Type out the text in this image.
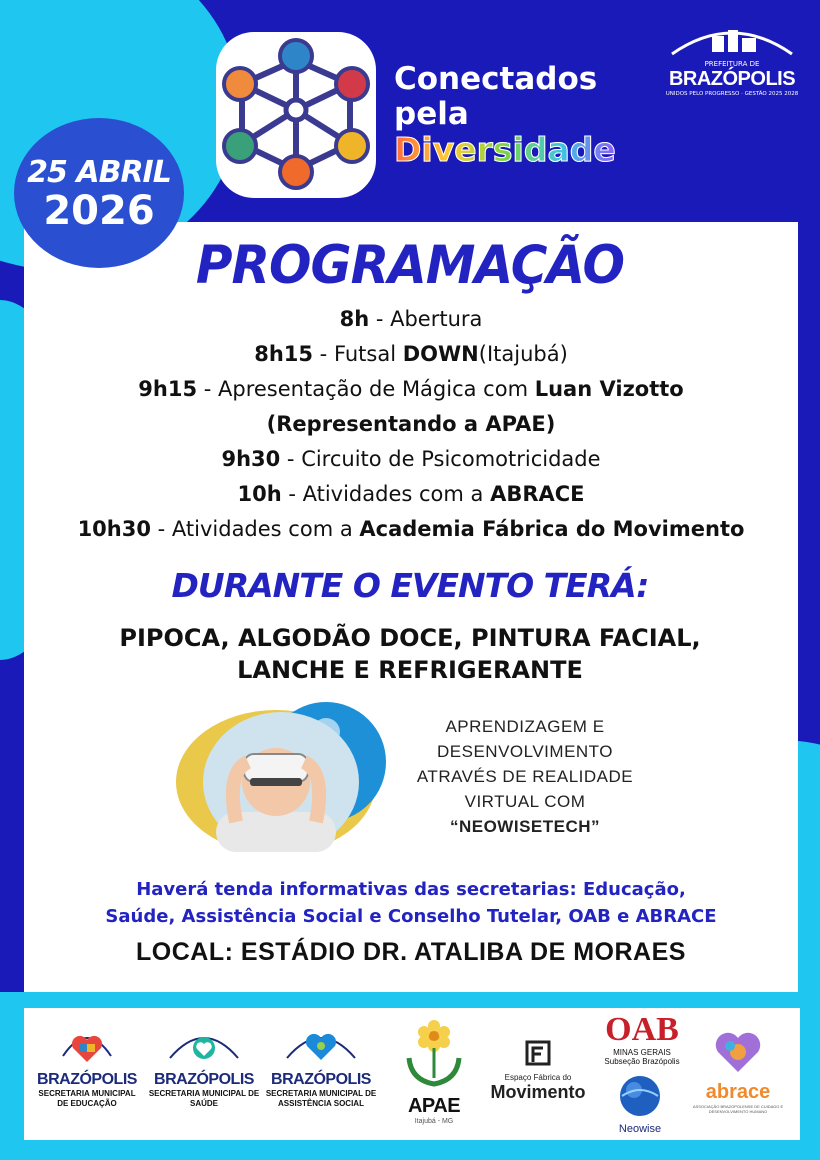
Conectados
pela
Diversidade
25 ABRIL
2026
PREFEITURA DE
BRAZÓPOLIS
UNIDOS PELO PROGRESSO · GESTÃO 2025 2028
PROGRAMAÇÃO
8h - Abertura
8h15 - Futsal DOWN(Itajubá)
9h15 - Apresentação de Mágica com Luan Vizotto
(Representando a APAE)
9h30 - Circuito de Psicomotricidade
10h - Atividades com a ABRACE
10h30 - Atividades com a Academia Fábrica do Movimento
DURANTE O EVENTO TERÁ:
PIPOCA, ALGODÃO DOCE, PINTURA FACIAL,
LANCHE E REFRIGERANTE
APRENDIZAGEM E
DESENVOLVIMENTO
ATRAVÉS DE REALIDADE
VIRTUAL COM
“NEOWISETECH”
Haverá tenda informativas das secretarias: Educação,
Saúde, Assistência Social e Conselho Tutelar, OAB e ABRACE
LOCAL: ESTÁDIO DR. ATALIBA DE MORAES
BRAZÓPOLIS
SECRETARIA MUNICIPAL
DE EDUCAÇÃO
BRAZÓPOLIS
SECRETARIA MUNICIPAL DE SAÚDE
BRAZÓPOLIS
SECRETARIA MUNICIPAL DE
ASSISTÊNCIA SOCIAL	APAE
Itajubá - MG
Espaço Fábrica do
Movimento
OAB
MINAS GERAIS
Subseção Brazópolis
Neowise
abrace
ASSOCIAÇÃO BRAZOPOLENSE DE CUIDADO E DESENVOLVIMENTO HUMANO
